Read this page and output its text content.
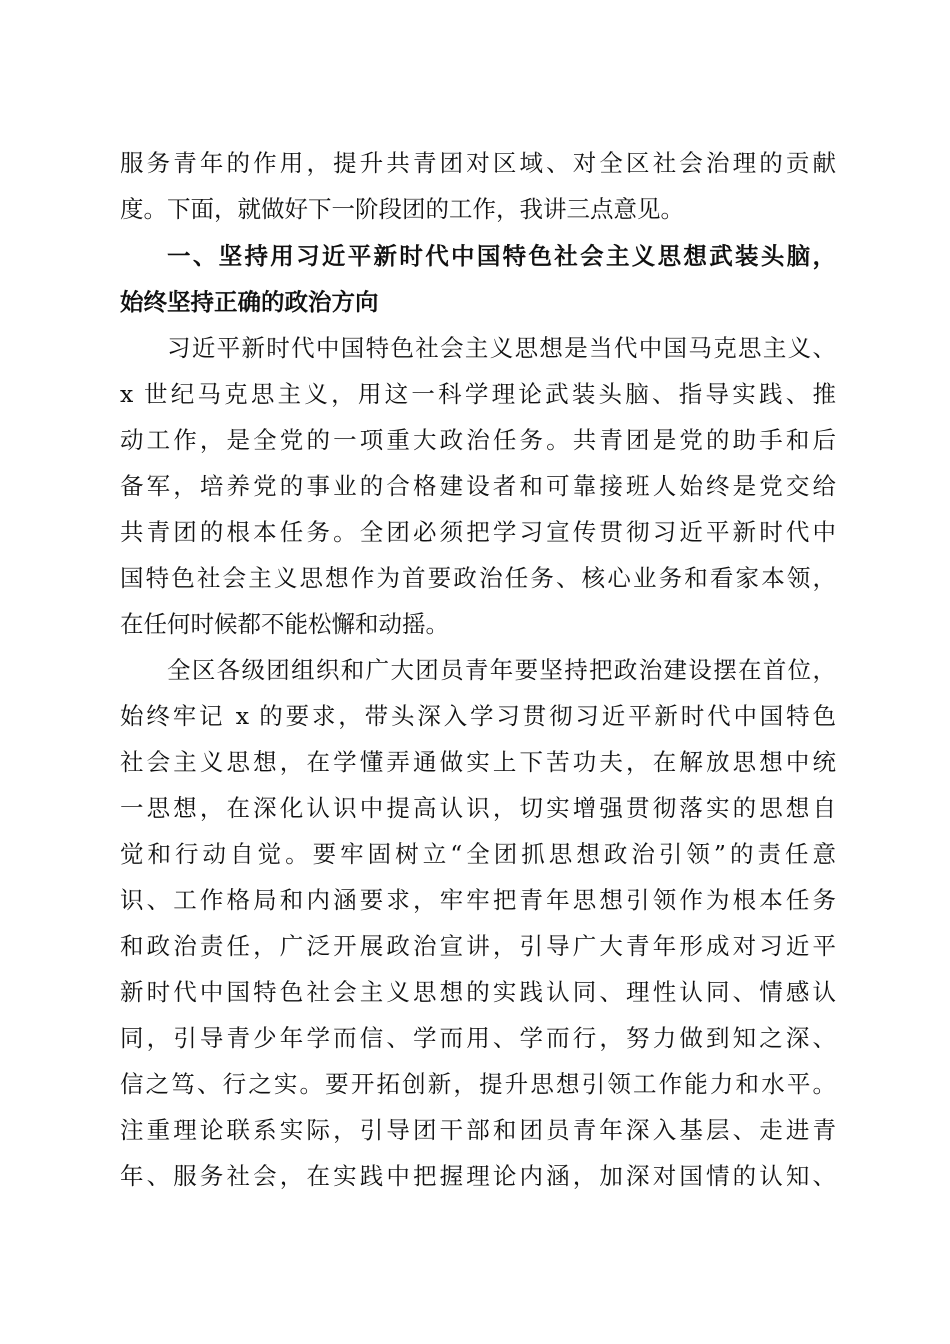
服务青年的作用，提升共青团对区域、对全区社会治理的贡献
度。下面，就做好下一阶段团的工作，我讲三点意见。
一、坚持用习近平新时代中国特色社会主义思想武装头脑，
始终坚持正确的政治方向
习近平新时代中国特色社会主义思想是当代中国马克思主义、
x 世纪马克思主义，用这一科学理论武装头脑、指导实践、推
动工作，是全党的一项重大政治任务。共青团是党的助手和后
备军，培养党的事业的合格建设者和可靠接班人始终是党交给
共青团的根本任务。全团必须把学习宣传贯彻习近平新时代中
国特色社会主义思想作为首要政治任务、核心业务和看家本领，
在任何时候都不能松懈和动摇。
全区各级团组织和广大团员青年要坚持把政治建设摆在首位，
始终牢记 x 的要求，带头深入学习贯彻习近平新时代中国特色
社会主义思想，在学懂弄通做实上下苦功夫，在解放思想中统
一思想，在深化认识中提高认识，切实增强贯彻落实的思想自
觉和行动自觉。要牢固树立“全团抓思想政治引领”的责任意
识、工作格局和内涵要求，牢牢把青年思想引领作为根本任务
和政治责任，广泛开展政治宣讲，引导广大青年形成对习近平
新时代中国特色社会主义思想的实践认同、理性认同、情感认
同，引导青少年学而信、学而用、学而行，努力做到知之深、
信之笃、行之实。要开拓创新，提升思想引领工作能力和水平。
注重理论联系实际，引导团干部和团员青年深入基层、走进青
年、服务社会，在实践中把握理论内涵，加深对国情的认知、
